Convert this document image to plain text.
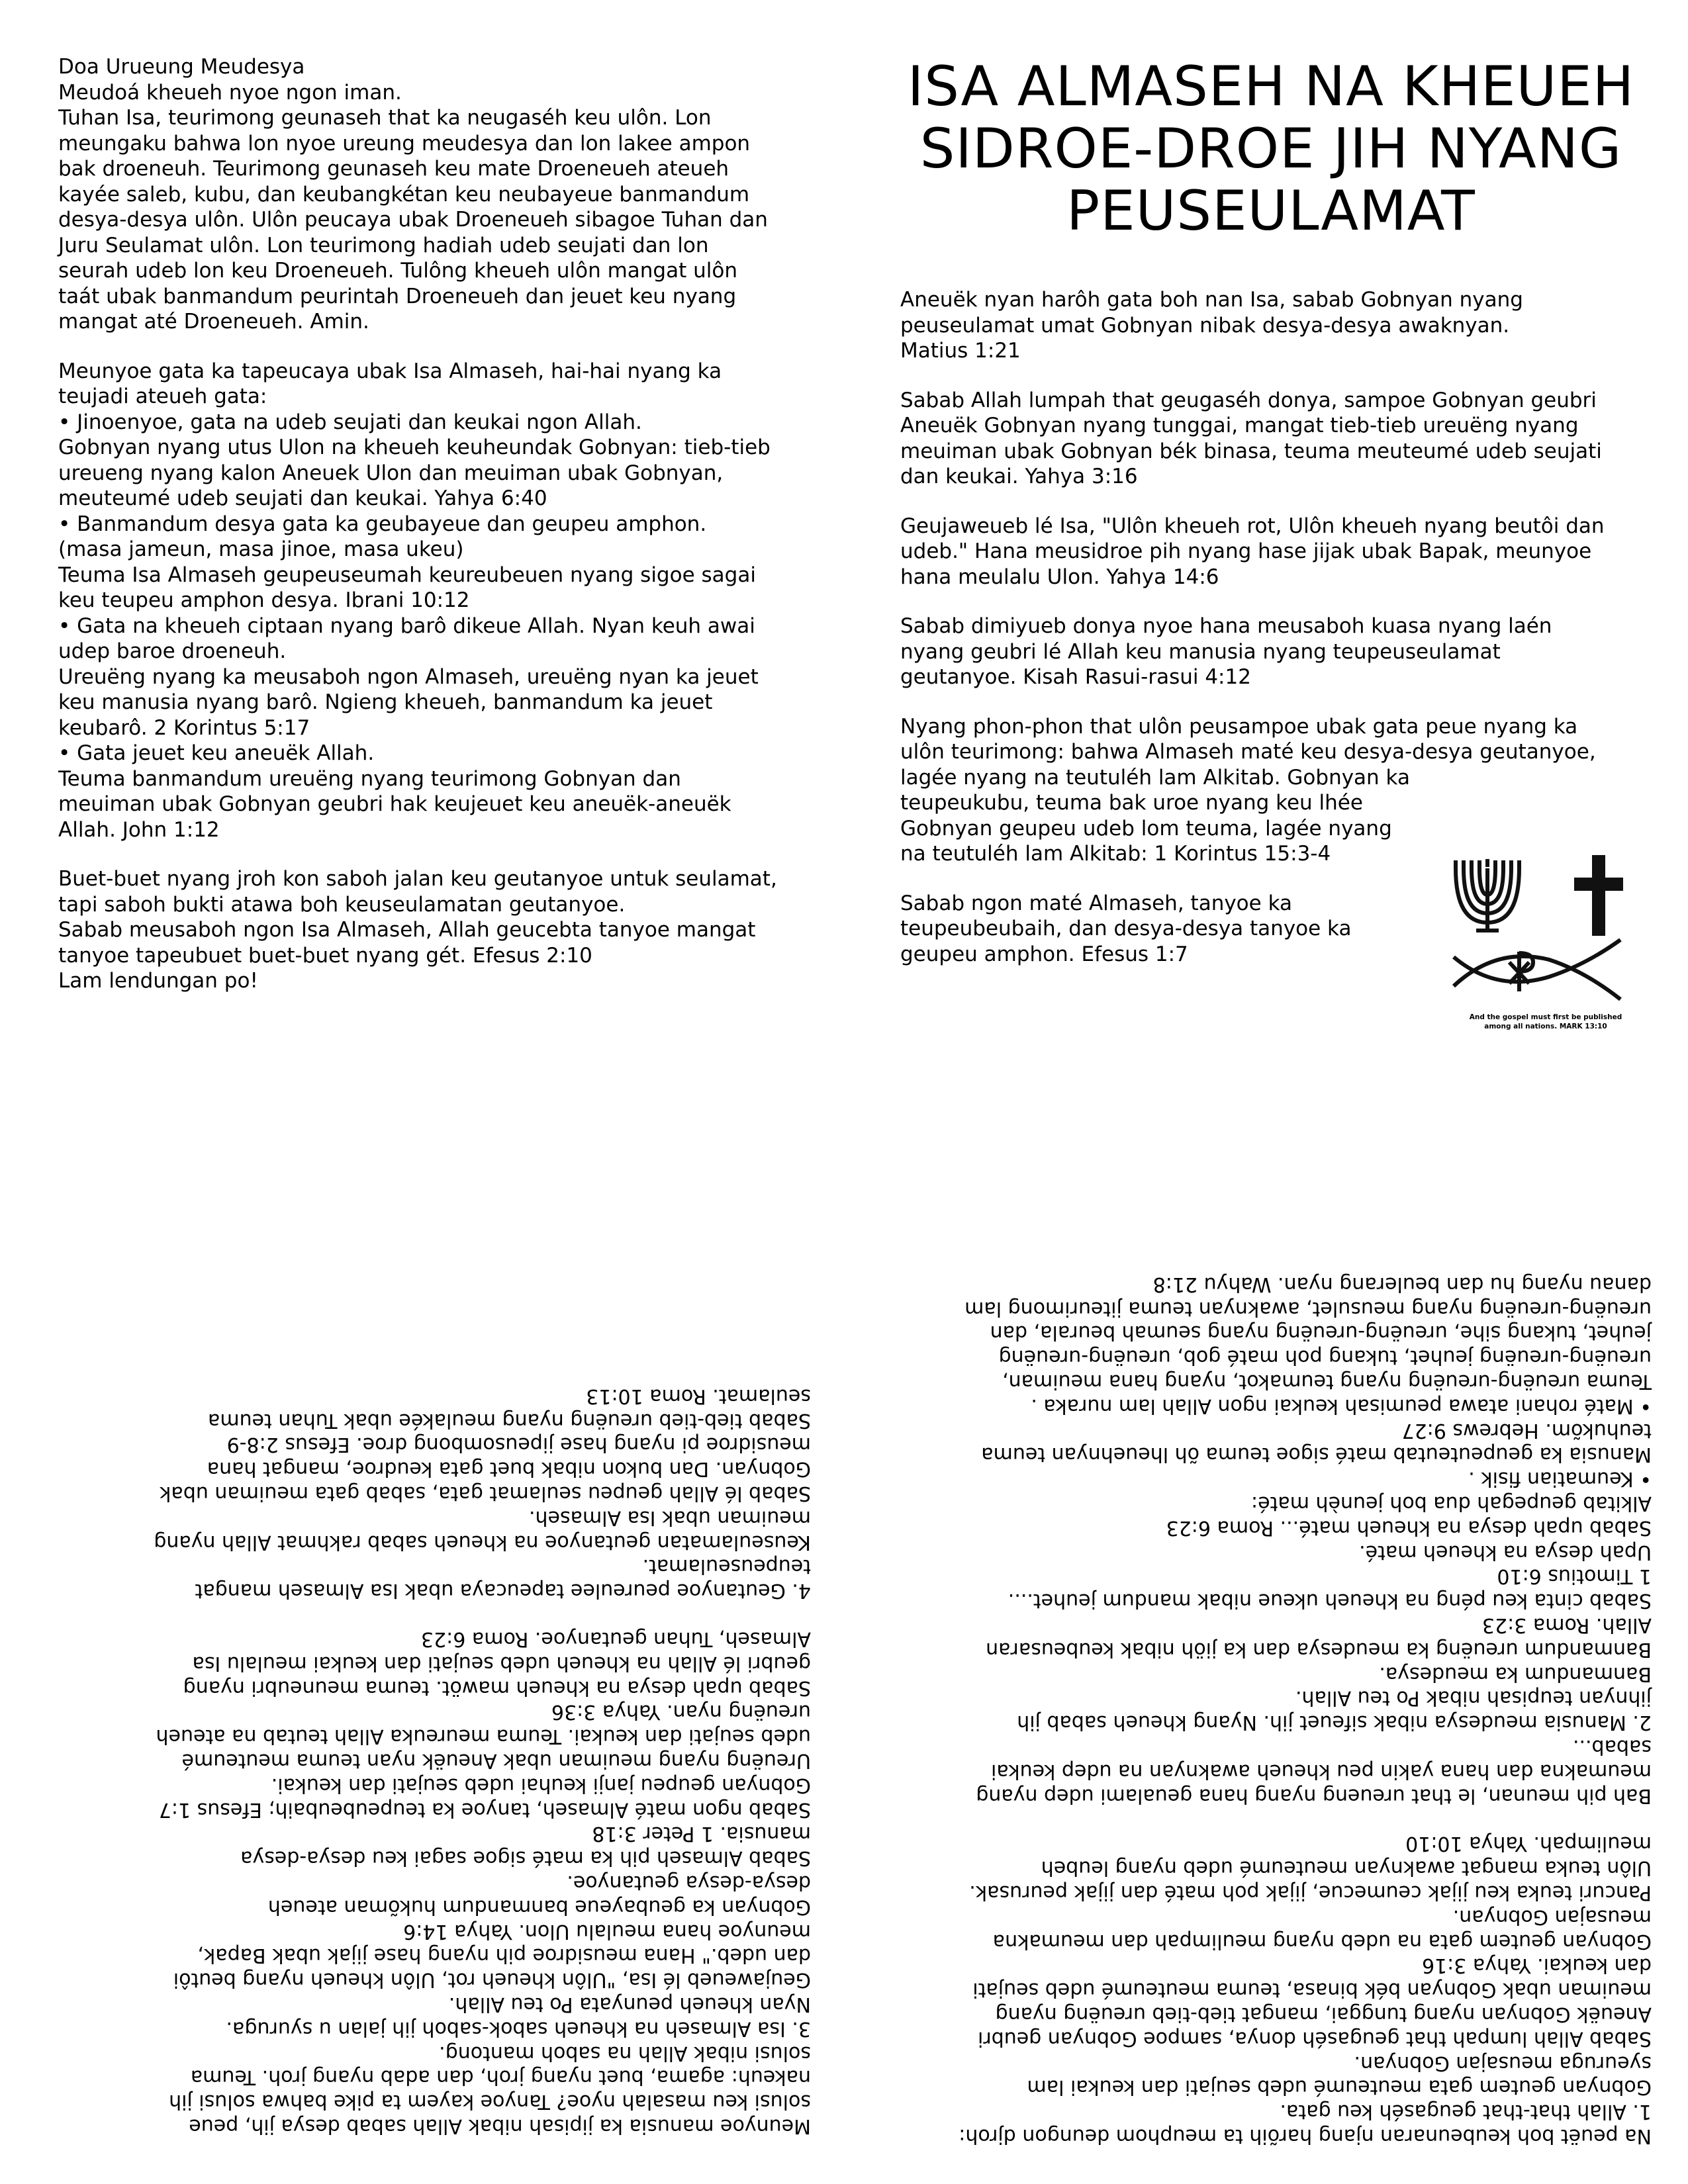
Doa Urueung Meudesya
Meudoá kheueh nyoe ngon iman.
Tuhan Isa, teurimong geunaseh that ka neugaséh keu ulôn. Lon
meungaku bahwa lon nyoe ureung meudesya dan lon lakee ampon
bak droeneuh. Teurimong geunaseh keu mate Droeneueh ateueh
kayée saleb, kubu, dan keubangkétan keu neubayeue banmandum
desya-desya ulôn. Ulôn peucaya ubak Droeneueh sibagoe Tuhan dan
Juru Seulamat ulôn. Lon teurimong hadiah udeb seujati dan lon
seurah udeb lon keu Droeneueh. Tulông kheueh ulôn mangat ulôn
taát ubak banmandum peurintah Droeneueh dan jeuet keu nyang
mangat até Droeneueh. Amin.
Meunyoe gata ka tapeucaya ubak Isa Almaseh, hai-hai nyang ka
teujadi ateueh gata:
• Jinoenyoe, gata na udeb seujati dan keukai ngon Allah.
Gobnyan nyang utus Ulon na kheueh keuheundak Gobnyan: tieb-tieb
ureueng nyang kalon Aneuek Ulon dan meuiman ubak Gobnyan,
meuteumé udeb seujati dan keukai. Yahya 6:40
• Banmandum desya gata ka geubayeue dan geupeu amphon.
(masa jameun, masa jinoe, masa ukeu)
Teuma Isa Almaseh geupeuseumah keureubeuen nyang sigoe sagai
keu teupeu amphon desya. Ibrani 10:12
• Gata na kheueh ciptaan nyang barô dikeue Allah. Nyan keuh awai
udep baroe droeneuh.
Ureuëng nyang ka meusaboh ngon Almaseh, ureuëng nyan ka jeuet
keu manusia nyang barô. Ngieng kheueh, banmandum ka jeuet
keubarô. 2 Korintus 5:17
• Gata jeuet keu aneuëk Allah.
Teuma banmandum ureuëng nyang teurimong Gobnyan dan
meuiman ubak Gobnyan geubri hak keujeuet keu aneuëk-aneuëk
Allah. John 1:12
Buet-buet nyang jroh kon saboh jalan keu geutanyoe untuk seulamat,
tapi saboh bukti atawa boh keuseulamatan geutanyoe.
Sabab meusaboh ngon Isa Almaseh, Allah geucebta tanyoe mangat
tanyoe tapeubuet buet-buet nyang gét. Efesus 2:10
Lam lendungan po!
ISA ALMASEH NA KHEUEH
SIDROE-DROE JIH NYANG
PEUSEULAMAT
Aneuëk nyan harôh gata boh nan Isa, sabab Gobnyan nyang
peuseulamat umat Gobnyan nibak desya-desya awaknyan.
Matius 1:21
Sabab Allah lumpah that geugaséh donya, sampoe Gobnyan geubri
Aneuëk Gobnyan nyang tunggai, mangat tieb-tieb ureuëng nyang
meuiman ubak Gobnyan bék binasa, teuma meuteumé udeb seujati
dan keukai. Yahya 3:16
Geujaweueb lé Isa, "Ulôn kheueh rot, Ulôn kheueh nyang beutôi dan
udeb." Hana meusidroe pih nyang hase jijak ubak Bapak, meunyoe
hana meulalu Ulon. Yahya 14:6
Sabab dimiyueb donya nyoe hana meusaboh kuasa nyang laén
nyang geubri lé Allah keu manusia nyang teupeuseulamat
geutanyoe. Kisah Rasui-rasui 4:12
Nyang phon-phon that ulôn peusampoe ubak gata peue nyang ka
ulôn teurimong: bahwa Almaseh maté keu desya-desya geutanyoe,
lagée nyang na teutuléh lam Alkitab. Gobnyan ka
teupeukubu, teuma bak uroe nyang keu lhée
Gobnyan geupeu udeb lom teuma, lagée nyang
na teutuléh lam Alkitab: 1 Korintus 15:3-4
Sabab ngon maté Almaseh, tanyoe ka
teupeubeubaih, dan desya-desya tanyoe ka
geupeu amphon. Efesus 1:7
And the gospel must first be published
among all nations. MARK 13:10
Meunyoe manusia ka jipisah nibak Allah sabab desya jih, peue
solusi keu masalah nyoe? Tanyoe kayem ta pike bahwa solusi jih
nakeuh: agama, buet nyang jroh, dan adab nyang jroh. Teuma
solusi nibak Allah na saboh mantong.
3. Isa Almaseh na kheueh sabok-saboh jih jalan u syuruga.
Nyan kheueh peunyata Po teu Allah.
Geujaweueb lé Isa, "Ulôn kheueh rot, Ulôn kheueh nyang beutôi
dan udeb." Hana meusidroe pih nyang hase jijak ubak Bapak,
meunyoe hana meulalu Ulon. Yahya 14:6
Gobnyan ka geubayeue banmandum hukõman ateueh
desya-desya geutanyoe.
Sabab Almaseh pih ka maté sigoe sagai keu desya-desya
manusia. 1 Peter 3:18
Sabab ngon maté Almaseh, tanyoe ka teupeubeubaih; Efesus 1:7
Gobnyan geupeu janji keuhai udeb seujati dan keukai.
Ureuëng nyang meuiman ubak Aneuëk nyan teuma meuteumé
udeb seujati dan keukai. Teuma meureuka Allah teutab na ateueh
ureuëng nyan. Yahya 3:36
Sabab upah desya na kheueh mawöt. teuma meuneubri nyang
geubri lé Allah na kheueh udeb seujati dan keukai meulalu Isa
Almaseh, Tuhan geutanyoe. Roma 6:23
4. Geutanyoe peureulee tapeucaya ubak Isa Almaseh mangat
teupeuseulamat.
Keuseulamatan geutanyoe na kheueh sabab rakhmat Allah nyang
meuiman ubak Isa Almaseh.
Sabab lé Allah geupeu seulamat gata, sabab gata meuiman ubak
Gobnyan. Dan bukon nibak buet gata keudroe, mangat hana
meusidroe pi nyang hase jipeusombong droe. Efesus 2:8-9
Sabab tieb-tieb ureuëng nyang meulakée ubak Tuhan teuma
seulamat. Roma 10:13
Na peuët boh keubeunaran njang harõih ta meuphom deungon djroh:
1. Allah that-that geugaséh keu gata.
Gobnyan geutem gata meuteumé udeb seujati dan keukai lam
syeuruga meusajan Gobnyan.
Sabab Allah lumpah that geugaséh donya, sampoe Gobnyan geubri
Aneuëk Gobnyan nyang tunggai, mangat tieb-tieb ureuëng nyang
meuiman ubak Gobnyan bék binasa, teuma meuteumé udeb seujati
dan keukai. Yahya 3:16
Gobnyan geutem gata na udeb nyang meulimpah dan meumakna
meusajan Gobnyan.
Pancuri teuka keu jijak ceumecue, jijak poh maté dan jijak peurusak.
Ulôn teuka mangat awaknyan meuteumé udeb nyang leubeh
meulimpah. Yahya 10:10
Bah pih meunan, le that ureueng nyang hana geualami udep nyang
meumakna dan hana yakin peu kheueh awaknyan na udep keukai
sabab...
2. Manusia meudesya nibak sifeuet jih. Nyang kheueh sabab jih
jihnyan teupisah nibak Po teu Allah.
Banmandum ka meudesya.
Banmandum ureuëng ka meudesya dan ka jiöh nibak keubeusaran
Allah. Roma 3:23
Sabab cinta keu péng na kheueh ukeue nibak mandum jeuhet....
1 Timotius 6:10
Upah desya na kheueh maté.
Sabab upah desya na kheueh maté... Roma 6:23
Alkitab geupegah dua boh jeunèh maté:
• Keumatian fisik .
Manusia ka geupeuteutab maté sigoe teuma õh lheuehnyan teuma
teuhukõm. Hebrews 9:27
• Maté rohani atawa peumisah keukai ngon Allah lam nuraka .
Teuma ureuëng-ureuëng nyang teumakot, nyang hana meuiman,
ureuëng-ureuëng jeuhet, tukang poh maté gob, ureuëng-ureuëng
jeuhet, tukang sihe, ureuëng-ureuëng nyang seumah beurala, dan
ureuëng-ureuëng nyang meusulet, awaknyan teuma jiteurimong lam
danau nyang hu dan beulerang nyan. Wahyu 21:8
